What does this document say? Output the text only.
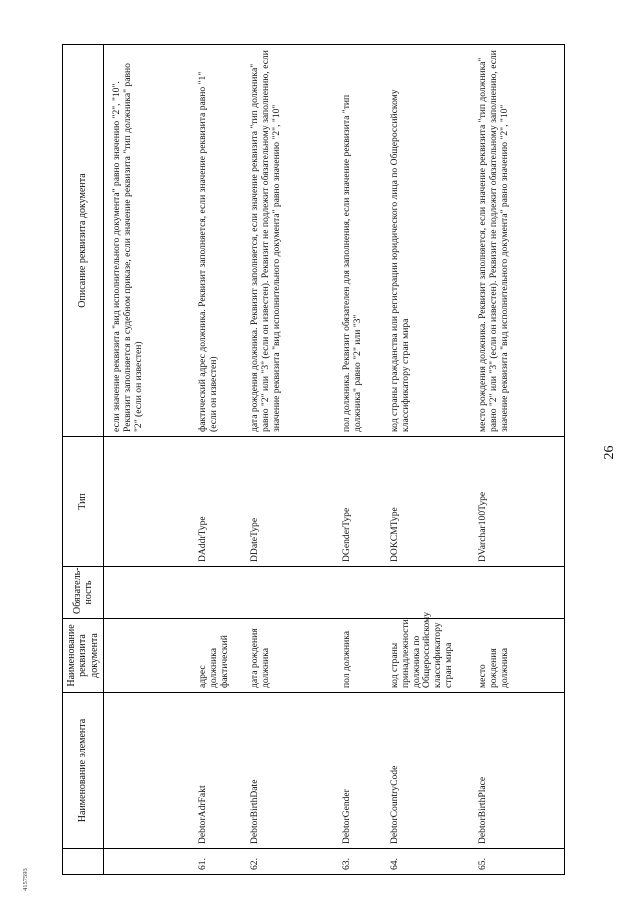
4157593
	Наименование элемента	Наименование реквизита документа	Обязатель-ность	Тип	Описание реквизита документа

					если значение реквизита "вид исполнительного документа" равно значению "2", "10". Реквизит заполняется в судебном приказе, если значение реквизита "тип должника" равно "2" (если он известен)
61.	DebtorAdrFakt	адрес должника фактический		DAddrType	фактический адрес должника. Реквизит заполняется, если значение реквизита равно "1" (если он известен)
62.	DebtorBirthDate	дата рождения должника		DDateType	дата рождения должника. Реквизит заполняется, если значение реквизита "тип должника" равно "2" или "3" (если он известен). Реквизит не подлежит обязательному заполнению, если значение реквизита "вид исполнительного документа" равно значению "2", "10"
63.	DebtorGender	пол должника		DGenderType	пол должника. Реквизит обязателен для заполнения, если значение реквизита "тип должника" равно "2" или "3"
64.	DebtorCountryCode	код страны принадлежности должника по Общероссийскому классификатору стран мира		DOKCMType	код страны гражданства или регистрации юридического лица по Общероссийскому классификатору стран мира
65.	DebtorBirthPlace	место рождения должника		DVarchar100Type	место рождения должника. Реквизит заполняется, если значение реквизита "тип должника" равно "2" или "3" (если он известен). Реквизит не подлежит обязательному заполнению, если значение реквизита "вид исполнительного документа" равно значению "2", "10"
26
